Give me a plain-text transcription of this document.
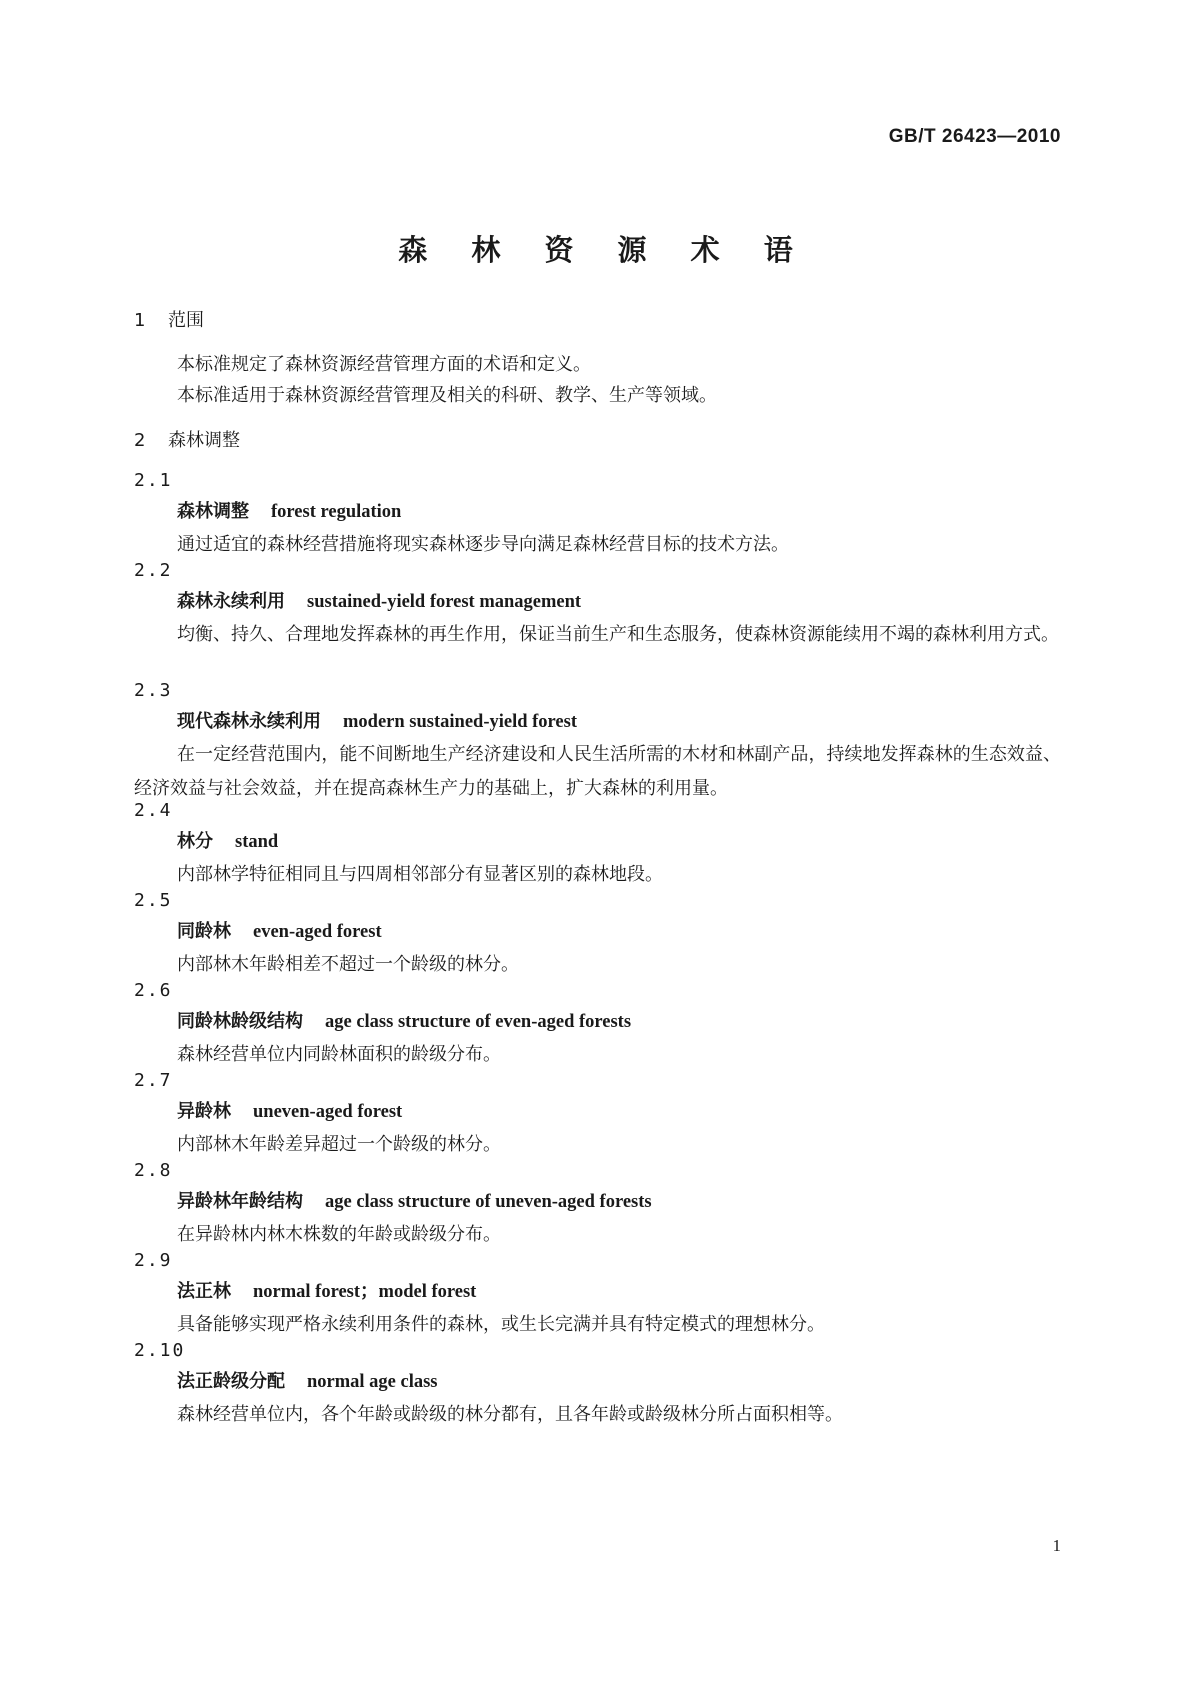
GB/T 26423—2010
森 林 资 源 术 语
1 范围
本标准规定了森林资源经营管理方面的术语和定义。
本标准适用于森林资源经营管理及相关的科研、教学、生产等领域。
2 森林调整
2.1
森林调整 forest regulation
通过适宜的森林经营措施将现实森林逐步导向满足森林经营目标的技术方法。
2.2
森林永续利用 sustained-yield forest management
均衡、持久、合理地发挥森林的再生作用，保证当前生产和生态服务，使森林资源能续用不竭的森林利用方式。
2.3
现代森林永续利用 modern sustained-yield forest
在一定经营范围内，能不间断地生产经济建设和人民生活所需的木材和林副产品，持续地发挥森林的生态效益、经济效益与社会效益，并在提高森林生产力的基础上，扩大森林的利用量。
2.4
林分 stand
内部林学特征相同且与四周相邻部分有显著区别的森林地段。
2.5
同龄林 even-aged forest
内部林木年龄相差不超过一个龄级的林分。
2.6
同龄林龄级结构 age class structure of even-aged forests
森林经营单位内同龄林面积的龄级分布。
2.7
异龄林 uneven-aged forest
内部林木年龄差异超过一个龄级的林分。
2.8
异龄林年龄结构 age class structure of uneven-aged forests
在异龄林内林木株数的年龄或龄级分布。
2.9
法正林 normal forest；model forest
具备能够实现严格永续利用条件的森林，或生长完满并具有特定模式的理想林分。
2.10
法正龄级分配 normal age class
森林经营单位内，各个年龄或龄级的林分都有，且各年龄或龄级林分所占面积相等。
1
